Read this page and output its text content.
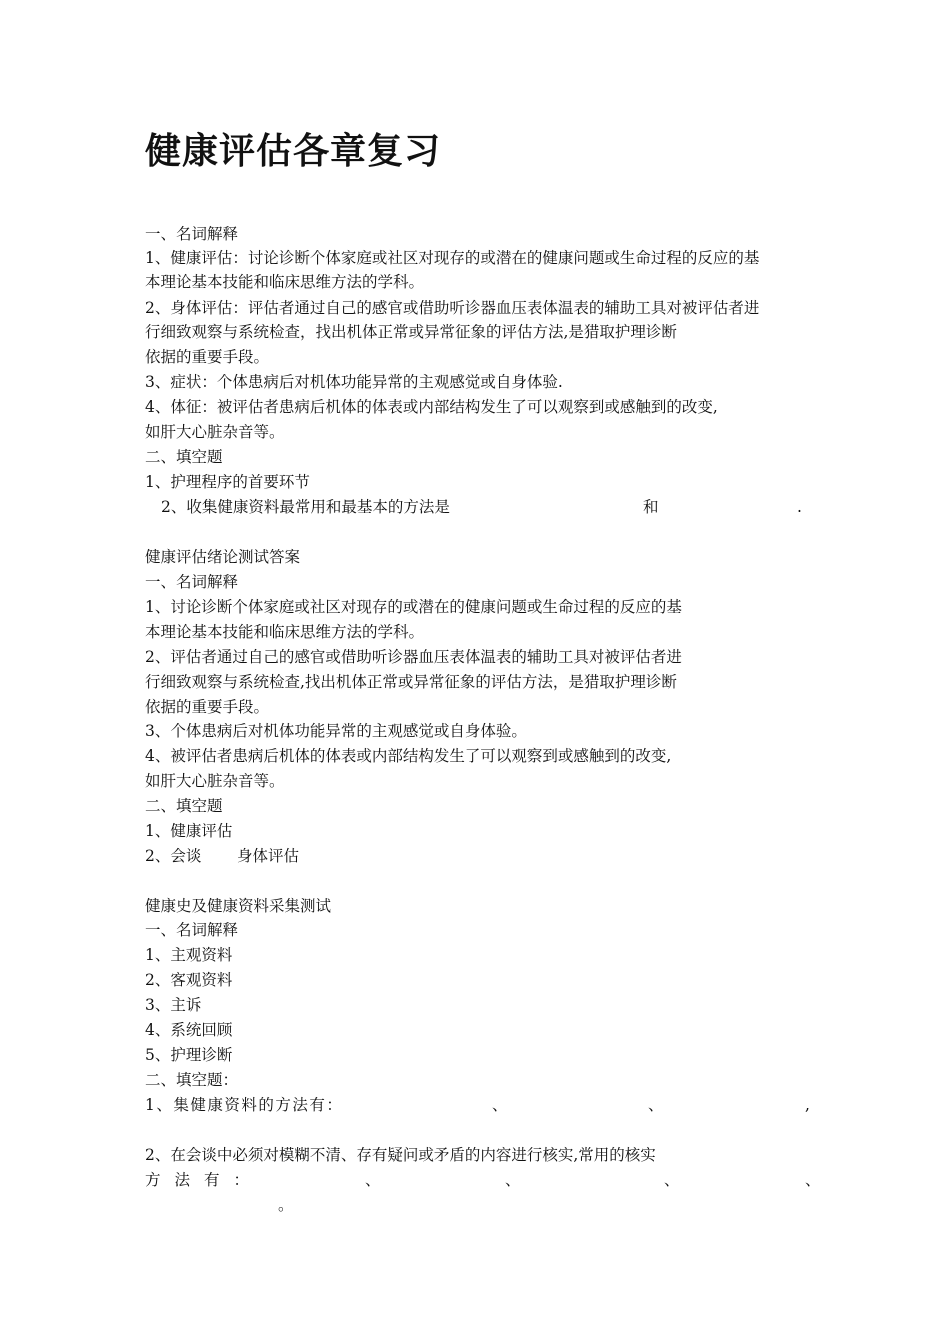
健康评估各章复习
一、名词解释
1、健康评估：讨论诊断个体家庭或社区对现存的或潜在的健康问题或生命过程的反应的基
本理论基本技能和临床思维方法的学科。
2、身体评估：评估者通过自己的感官或借助听诊器血压表体温表的辅助工具对被评估者进
行细致观察与系统检查，找出机体正常或异常征象的评估方法,是猎取护理诊断
依据的重要手段。
3、症状：个体患病后对机体功能异常的主观感觉或自身体验.
4、体征：被评估者患病后机体的体表或内部结构发生了可以观察到或感触到的改变,
如肝大心脏杂音等。
二、填空题
1、护理程序的首要环节
2、收集健康资料最常用和最基本的方法是	和	.
健康评估绪论测试答案
一、名词解释
1、讨论诊断个体家庭或社区对现存的或潜在的健康问题或生命过程的反应的基
本理论基本技能和临床思维方法的学科。
2、评估者通过自己的感官或借助听诊器血压表体温表的辅助工具对被评估者进
行细致观察与系统检查,找出机体正常或异常征象的评估方法，是猎取护理诊断
依据的重要手段。
3、个体患病后对机体功能异常的主观感觉或自身体验。
4、被评估者患病后机体的体表或内部结构发生了可以观察到或感触到的改变,
如肝大心脏杂音等。
二、填空题
1、健康评估
2、会谈 身体评估
健康史及健康资料采集测试
一、名词解释
1、主观资料
2、客观资料
3、主诉
4、系统回顾
5、护理诊断
二、填空题：
1、集健康资料的方法有：	、	、	,
2、在会谈中必须对模糊不清、存有疑问或矛盾的内容进行核实,常用的核实
方法有：	、	、	、	、
。
